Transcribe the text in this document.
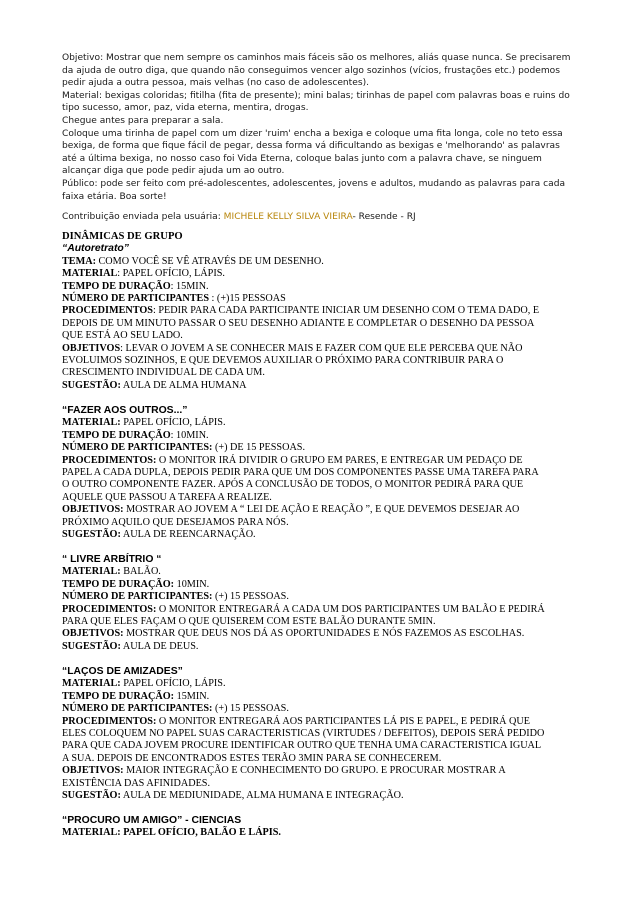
Objetivo: Mostrar que nem sempre os caminhos mais fáceis são os melhores, aliás quase nunca. Se precisarem
da ajuda de outro diga, que quando não conseguimos vencer algo sozinhos (vícios, frustações etc.) podemos
pedir ajuda a outra pessoa, mais velhas (no caso de adolescentes).
Material: bexigas coloridas; fitilha (fita de presente); mini balas; tirinhas de papel com palavras boas e ruins do
tipo sucesso, amor, paz, vida eterna, mentira, drogas.
Chegue antes para preparar a sala.
Coloque uma tirinha de papel com um dizer 'ruim' encha a bexiga e coloque uma fita longa, cole no teto essa
bexiga, de forma que fique fácil de pegar, dessa forma vá dificultando as bexigas e 'melhorando' as palavras
até a última bexiga, no nosso caso foi Vida Eterna, coloque balas junto com a palavra chave, se ninguem
alcançar diga que pode pedir ajuda um ao outro.
Público: pode ser feito com pré-adolescentes, adolescentes, jovens e adultos, mudando as palavras para cada
faixa etária. Boa sorte!
Contribuição enviada pela usuária: MICHELE KELLY SILVA VIEIRA- Resende - RJ
DINÂMICAS DE GRUPO
“Autoretrato”
TEMA: COMO VOCÊ SE VÊ ATRAVÉS DE UM DESENHO.
MATERIAL: PAPEL OFÍCIO, LÁPIS.
TEMPO DE DURAÇÃO: 15MIN.
NÚMERO DE PARTICIPANTES : (+)15 PESSOAS
PROCEDIMENTOS: PEDIR PARA CADA PARTICIPANTE INICIAR UM DESENHO COM O TEMA DADO, E
DEPOIS DE UM MINUTO PASSAR O SEU DESENHO ADIANTE E COMPLETAR O DESENHO DA PESSOA
QUE ESTÁ AO SEU LADO.
OBJETIVOS: LEVAR O JOVEM A SE CONHECER MAIS E FAZER COM QUE ELE PERCEBA QUE NÃO
EVOLUIMOS SOZINHOS, E QUE DEVEMOS AUXILIAR O PRÓXIMO PARA CONTRIBUIR PARA O
CRESCIMENTO INDIVIDUAL DE CADA UM.
SUGESTÃO: AULA DE ALMA HUMANA
“FAZER AOS OUTROS...”
MATERIAL: PAPEL OFÍCIO, LÁPIS.
TEMPO DE DURAÇÃO: 10MIN.
NÚMERO DE PARTICIPANTES: (+) DE 15 PESSOAS.
PROCEDIMENTOS: O MONITOR IRÁ DIVIDIR O GRUPO EM PARES, E ENTREGAR UM PEDAÇO DE
PAPEL A CADA DUPLA, DEPOIS PEDIR PARA QUE UM DOS COMPONENTES PASSE UMA TAREFA PARA
O OUTRO COMPONENTE FAZER. APÓS A CONCLUSÃO DE TODOS, O MONITOR PEDIRÁ PARA QUE
AQUELE QUE PASSOU A TAREFA A REALIZE.
OBJETIVOS: MOSTRAR AO JOVEM A “ LEI DE AÇÃO E REAÇÃO ”, E QUE DEVEMOS DESEJAR AO
PRÓXIMO AQUILO QUE DESEJAMOS PARA NÓS.
SUGESTÃO: AULA DE REENCARNAÇÃO.
“ LIVRE ARBÍTRIO “
MATERIAL: BALÃO.
TEMPO DE DURAÇÃO: 10MIN.
NÚMERO DE PARTICIPANTES: (+) 15 PESSOAS.
PROCEDIMENTOS: O MONITOR ENTREGARÁ A CADA UM DOS PARTICIPANTES UM BALÃO E PEDIRÁ
PARA QUE ELES FAÇAM O QUE QUISEREM COM ESTE BALÃO DURANTE 5MIN.
OBJETIVOS: MOSTRAR QUE DEUS NOS DÁ AS OPORTUNIDADES E NÓS FAZEMOS AS ESCOLHAS.
SUGESTÃO: AULA DE DEUS.
“LAÇOS DE AMIZADES”
MATERIAL: PAPEL OFÍCIO, LÁPIS.
TEMPO DE DURAÇÃO: 15MIN.
NÚMERO DE PARTICIPANTES: (+) 15 PESSOAS.
PROCEDIMENTOS: O MONITOR ENTREGARÁ AOS PARTICIPANTES LÁ PIS E PAPEL, E PEDIRÁ QUE
ELES COLOQUEM NO PAPEL SUAS CARACTERISTICAS (VIRTUDES / DEFEITOS), DEPOIS SERÁ PEDIDO
PARA QUE CADA JOVEM PROCURE IDENTIFICAR OUTRO QUE TENHA UMA CARACTERISTICA IGUAL
A SUA. DEPOIS DE ENCONTRADOS ESTES TERÃO 3MIN PARA SE CONHECEREM.
OBJETIVOS: MAIOR INTEGRAÇÃO E CONHECIMENTO DO GRUPO. E PROCURAR MOSTRAR A
EXISTÊNCIA DAS AFINIDADES.
SUGESTÃO: AULA DE MEDIUNIDADE, ALMA HUMANA E INTEGRAÇÃO.
“PROCURO UM AMIGO” - CIENCIAS
MATERIAL: PAPEL OFÍCIO, BALÃO E LÁPIS.
